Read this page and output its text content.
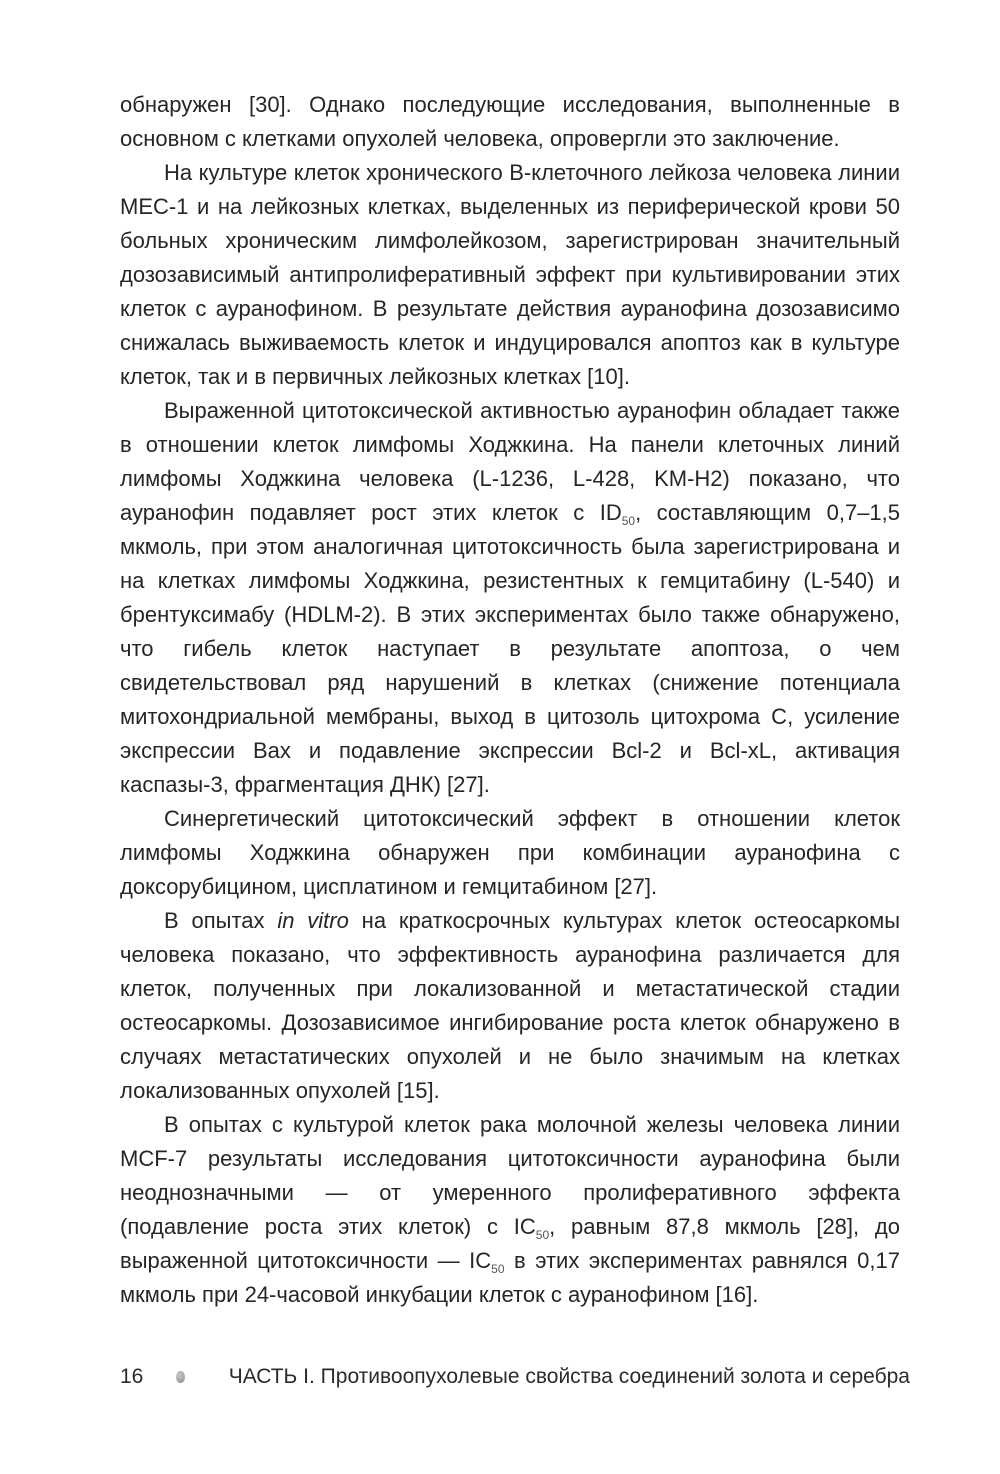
обнаружен [30]. Однако последующие исследования, выполненные в основном с клетками опухолей человека, опровергли это заключение.

На культуре клеток хронического В-клеточного лейкоза человека линии МЕС-1 и на лейкозных клетках, выделенных из периферической крови 50 больных хроническим лимфолейкозом, зарегистрирован значительный дозозависимый антипролиферативный эффект при культивировании этих клеток с ауранофином. В результате действия ауранофина дозозависимо снижалась выживаемость клеток и индуцировался апоптоз как в культуре клеток, так и в первичных лейкозных клетках [10].

Выраженной цитотоксической активностью ауранофин обладает также в отношении клеток лимфомы Ходжкина. На панели клеточных линий лимфомы Ходжкина человека (L-1236, L-428, KM-H2) показано, что ауранофин подавляет рост этих клеток с $ID_{50}$, составляющим 0,7–1,5 мкмоль, при этом аналогичная цитотоксичность была зарегистрирована и на клетках лимфомы Ходжкина, резистентных к гемцитабину (L-540) и брентуксимабу (HDLM-2). В этих экспериментах было также обнаружено, что гибель клеток наступает в результате апоптоза, о чем свидетельствовал ряд нарушений в клетках (снижение потенциала митохондриальной мембраны, выход в цитозоль цитохрома С, усиление экспрессии Bax и подавление экспрессии Bcl-2 и Bcl-xL, активация каспазы-3, фрагментация ДНК) [27].

Синергетический цитотоксический эффект в отношении клеток лимфомы Ходжкина обнаружен при комбинации ауранофина с доксорубицином, цисплатином и гемцитабином [27].

В опытах in vitro на краткосрочных культурах клеток остеосаркомы человека показано, что эффективность ауранофина различается для клеток, полученных при локализованной и метастатической стадии остеосаркомы. Дозозависимое ингибирование роста клеток обнаружено в случаях метастатических опухолей и не было значимым на клетках локализованных опухолей [15].

В опытах с культурой клеток рака молочной железы человека линии MCF-7 результаты исследования цитотоксичности ауранофина были неоднозначными — от умеренного пролиферативного эффекта (подавление роста этих клеток) с $IC_{50}$, равным 87,8 мкмоль [28], до выраженной цитотоксичности — $IC_{50}$ в этих экспериментах равнялся 0,17 мкмоль при 24-часовой инкубации клеток с ауранофином [16].

16	ЧАСТЬ I. Противоопухолевые свойства соединений золота и серебра
